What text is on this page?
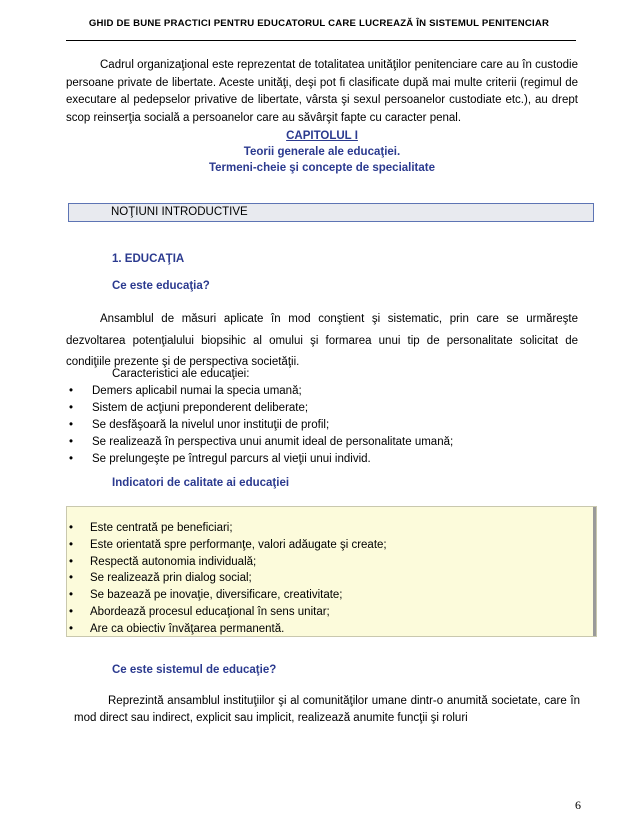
GHID DE BUNE PRACTICI PENTRU EDUCATORUL CARE LUCREAZĂ ÎN SISTEMUL PENITENCIAR
Cadrul organizaţional este reprezentat de totalitatea unităţilor penitenciare care au în custodie persoane private de libertate. Aceste unităţi, deşi pot fi clasificate după mai multe criterii (regimul de executare al pedepselor privative de libertate, vârsta şi sexul persoanelor custodiate etc.), au drept scop reinserţia socială a persoanelor care au săvârşit fapte cu caracter penal.
CAPITOLUL I
Teorii generale ale educaţiei.
Termeni-cheie şi concepte de specialitate
NOŢIUNI INTRODUCTIVE
1. EDUCAŢIA
Ce este educaţia?
Ansamblul de măsuri aplicate în mod conştient şi sistematic, prin care se urmăreşte dezvoltarea potenţialului biopsihic al omului şi formarea unui tip de personalitate solicitat de condiţiile prezente şi de perspectiva societăţii.
Caracteristici ale educaţiei:
• Demers aplicabil numai la specia umană;
• Sistem de acţiuni preponderent deliberate;
• Se desfăşoară la nivelul unor instituţii de profil;
• Se realizează în perspectiva unui anumit ideal de personalitate umană;
• Se prelungeşte pe întregul parcurs al vieţii unui individ.
Indicatori de calitate ai educaţiei
• Este centrată pe beneficiari;
• Este orientată spre performanţe, valori adăugate şi create;
• Respectă autonomia individuală;
• Se realizează prin dialog social;
• Se bazează pe inovaţie, diversificare, creativitate;
• Abordează procesul educaţional în sens unitar;
• Are ca obiectiv învăţarea permanentă.
Ce este sistemul de educaţie?
Reprezintă ansamblul instituţiilor şi al comunităţilor umane dintr-o anumită societate, care în mod direct sau indirect, explicit sau implicit, realizează anumite funcţii şi roluri
6
